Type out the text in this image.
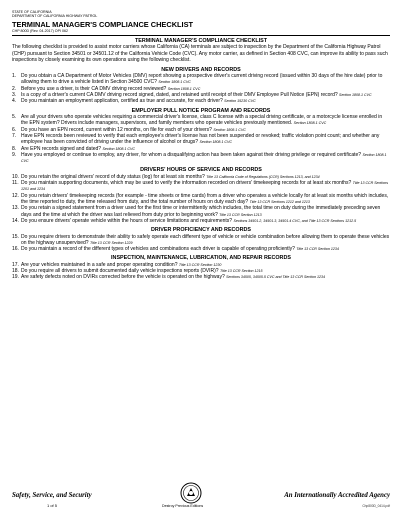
STATE OF CALIFORNIA
DEPARTMENT OF CALIFORNIA HIGHWAY PATROL
TERMINAL MANAGER'S COMPLIANCE CHECKLIST
CHP 800D (Rev. 04-2017) OPI 062
TERMINAL MANAGER'S COMPLIANCE CHECKLIST
The following checklist is provided to assist motor carriers whose California (CA) terminals are subject to inspection by the Department of the California Highway Patrol (CHP) pursuant to Section 34501 or 34501.12 of the California Vehicle Code (CVC). Any motor carrier, as defined in Section 408 CVC, can improve its ability to pass such inspections by closely examining its own operations using the following checklist.
NEW DRIVERS AND RECORDS
1. Do you obtain a CA Department of Motor Vehicles (DMV) report showing a prospective driver's current driving record (issued within 30 days of the hire date) prior to allowing them to drive a vehicle listed in Section 34500 CVC? Section 1808.1 CVC
2. Before you use a driver, is their CA DMV driving record reviewed? Section 1808.1 CVC
3. Is a copy of a driver's current CA DMV driving record signed, dated, and retained until receipt of their DMV Employee Pull Notice (EPN) record? Section 1808.1 CVC
4. Do you maintain an employment application, certified as true and accurate, for each driver? Section 15230 CVC
EMPLOYER PULL NOTICE PROGRAM AND RECORDS
5. Are all your drivers who operate vehicles requiring a commercial driver's license, class C license with a special driving certificate, or a motorcycle license enrolled in the EPN system? Drivers include managers, supervisors, and family members who operate vehicles previously mentioned. Section 1808.1 CVC
6. Do you have an EPN record, current within 12 months, on file for each of your drivers? Section 1808.1 CVC
7. Have EPN records been reviewed to verify that each employee's driver's license has not been suspended or revoked; traffic violation point count; and whether any employee has been convicted of driving under the influence of alcohol or drugs? Section 1808.1 CVC
8. Are EPN records signed and dated? Section 1808.1 CVC
9. Have you employed or continue to employ, any driver, for whom a disqualifying action has been taken against their driving privilege or required certificate? Section 1808.1 CVC
DRIVERS' HOURS OF SERVICE AND RECORDS
10. Do you retain the original drivers' record of duty status (log) for at least six months? Title 13 California Code of Regulations (CCR) Sections 1213, and 1234
11. Do you maintain supporting documents, which may be used to verify the information recorded on drivers' timekeeping records for at least six months? Title 13 CCR Sections 1201 and 1234
12. Do you retain drivers' timekeeping records (for example - time sheets or time cards) from a driver who operates a vehicle locally for at least six months which includes, the time reported to duty, the time released from duty, and the total number of hours on duty each day? Title 13 CCR Sections 1212 and 1213
13. Do you retain a signed statement from a driver used for the first time or intermittently which includes, the total time on duty during the immediately preceding seven days and the time at which the driver was last relieved from duty prior to beginning work? Title 13 CCR Section 1213
14. Do you ensure drivers' operate vehicle within the hours of service limitations and requirements? Sections 34501.2, 34501.3, 34501.4 CVC, and Title 13 CCR Sections 1212.5
DRIVER PROFICIENCY AND RECORDS
15. Do you require drivers to demonstrate their ability to safely operate each different type of vehicle or vehicle combination before allowing them to operate these vehicles on the highway unsupervised? Title 13 CCR Section 1229
16. Do you maintain a record of the different types of vehicles and combinations each driver is capable of operating proficiently? Title 13 CCR Section 1234
INSPECTION, MAINTENANCE, LUBRICATION, AND REPAIR RECORDS
17. Are your vehicles maintained in a safe and proper operating condition? Title 13 CCR Section 1230
18. Do you require all drivers to submit documented daily vehicle inspections reports (DVIR)? Title 13 CCR Section 1215
19. Are safety defects noted on DVIRs corrected before the vehicle is operated on the highway? Sections 34505, 34505.5 CVC and Title 13 CCR Section 1234
Safety, Service, and Security
1 of 5	Destroy Previous Editions
An Internationally Accredited Agency
Chp800D_0414.pdf
